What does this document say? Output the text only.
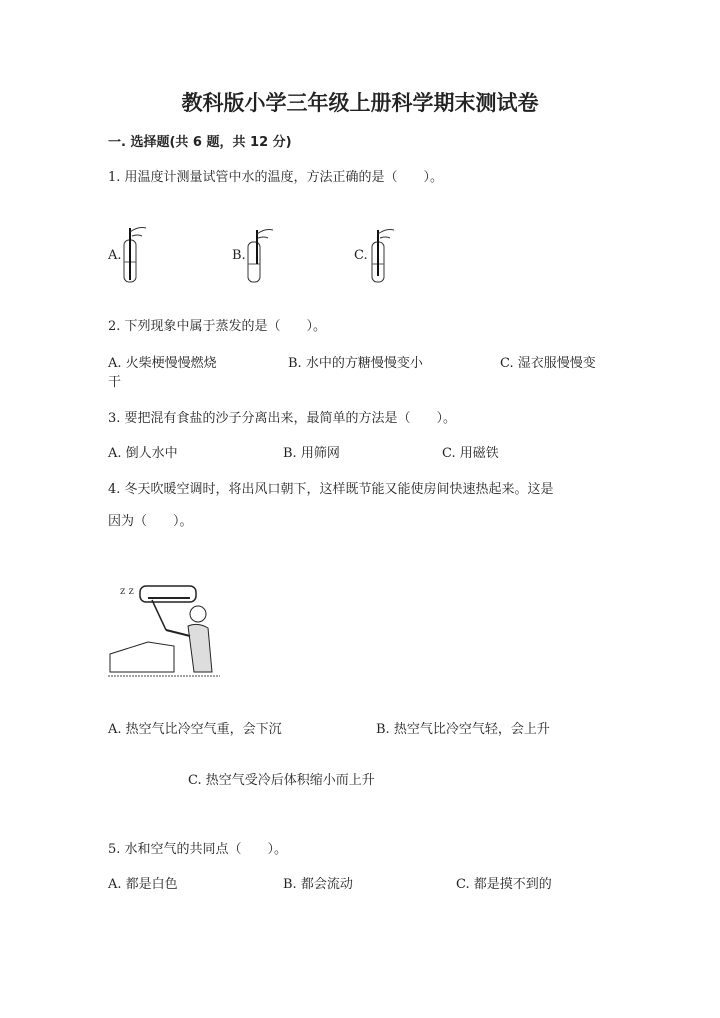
教科版小学三年级上册科学期末测试卷
一. 选择题(共 6 题，共 12 分)
1. 用温度计测量试管中水的温度，方法正确的是（　　）。
A.	B.	C.
2. 下列现象中属于蒸发的是（　　）。
A. 火柴梗慢慢燃烧	B. 水中的方糖慢慢变小	C. 湿衣服慢慢变
干
3. 要把混有食盐的沙子分离出来，最简单的方法是（　　）。
A. 倒人水中	B. 用筛网	C. 用磁铁
4. 冬天吹暖空调时，将出风口朝下，这样既节能又能使房间快速热起来。这是
因为（　　）。
z z
A. 热空气比冷空气重，会下沉	B. 热空气比冷空气轻，会上升
C. 热空气受冷后体积缩小而上升
5. 水和空气的共同点（　　）。
A. 都是白色	B. 都会流动	C. 都是摸不到的
